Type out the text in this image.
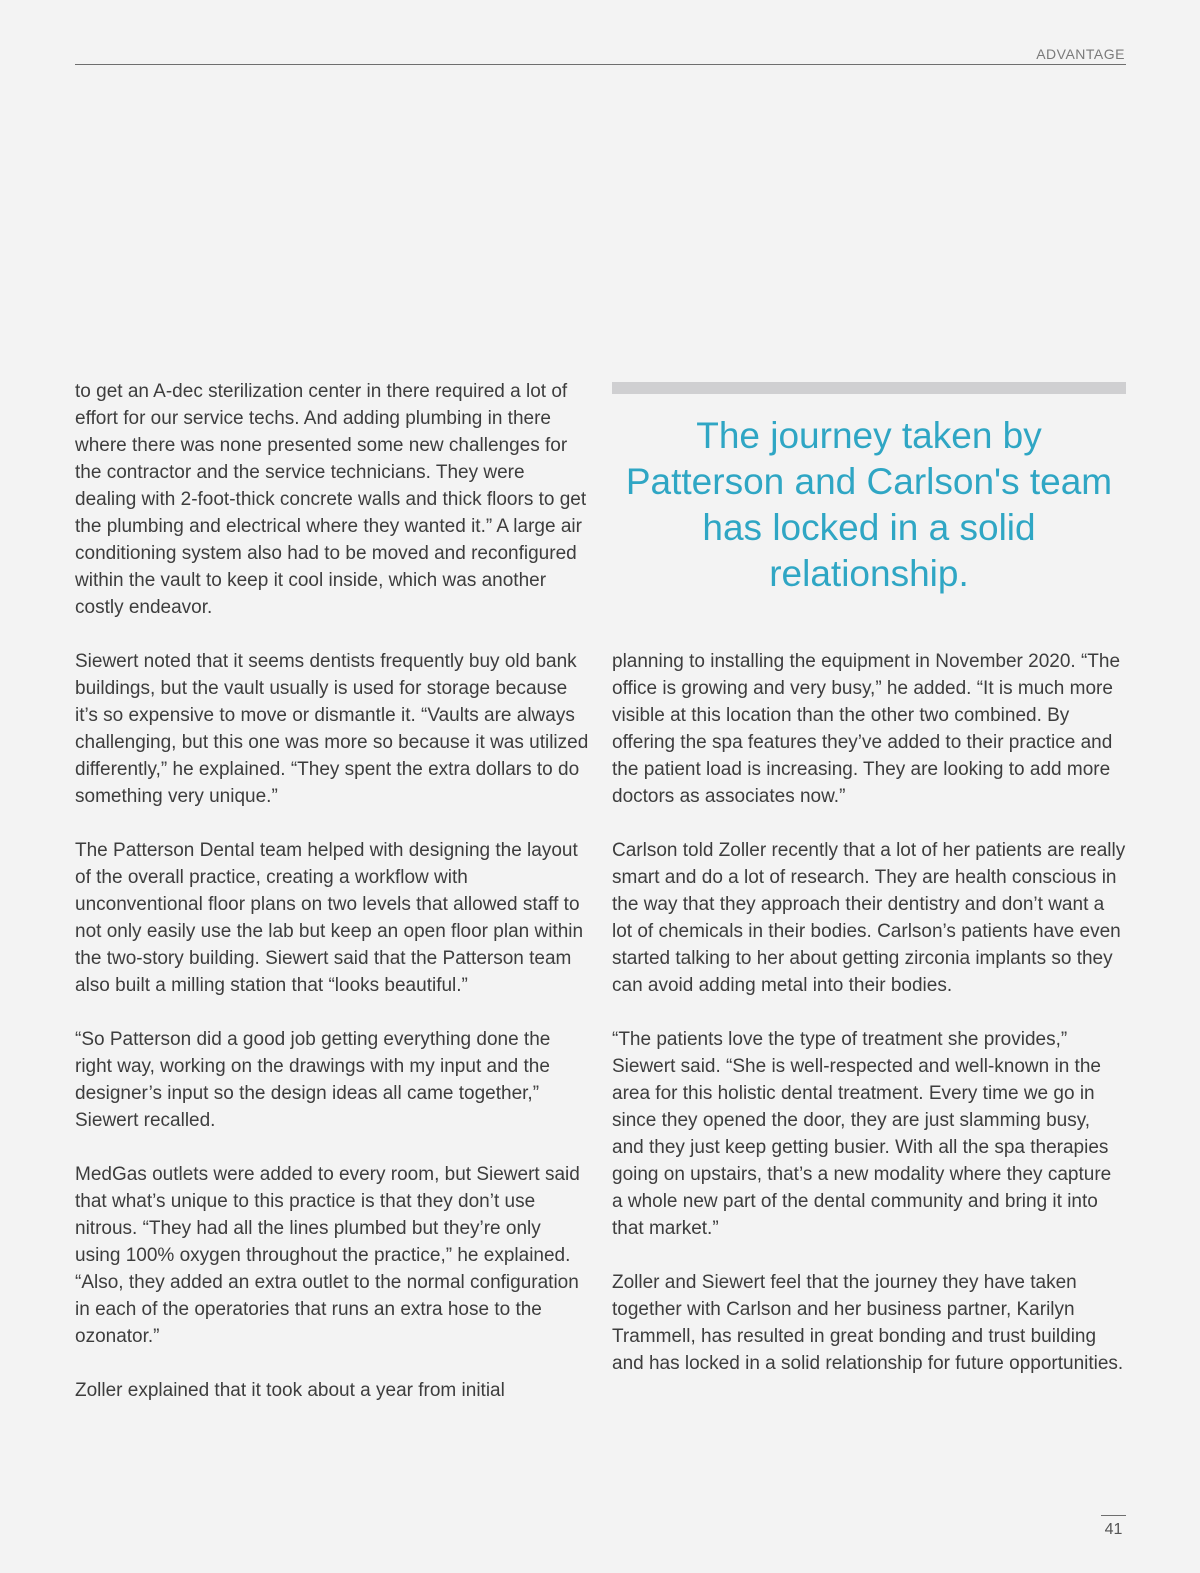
ADVANTAGE

to get an A-dec sterilization center in there required a lot of effort for our service techs. And adding plumbing in there where there was none presented some new challenges for the contractor and the service technicians. They were dealing with 2-foot-thick concrete walls and thick floors to get the plumbing and electrical where they wanted it.” A large air conditioning system also had to be moved and reconfigured within the vault to keep it cool inside, which was another costly endeavor.

Siewert noted that it seems dentists frequently buy old bank buildings, but the vault usually is used for storage because it’s so expensive to move or dismantle it. “Vaults are always challenging, but this one was more so because it was utilized differently,” he explained. “They spent the extra dollars to do something very unique.”

The Patterson Dental team helped with designing the layout of the overall practice, creating a workflow with unconventional floor plans on two levels that allowed staff to not only easily use the lab but keep an open floor plan within the two-story building. Siewert said that the Patterson team also built a milling station that “looks beautiful.”

“So Patterson did a good job getting everything done the right way, working on the drawings with my input and the designer’s input so the design ideas all came together,” Siewert recalled.

MedGas outlets were added to every room, but Siewert said that what’s unique to this practice is that they don’t use nitrous. “They had all the lines plumbed but they’re only using 100% oxygen throughout the practice,” he explained. “Also, they added an extra outlet to the normal configuration in each of the operatories that runs an extra hose to the ozonator.”

Zoller explained that it took about a year from initial

The journey taken by Patterson and Carlson's team has locked in a solid relationship.

planning to installing the equipment in November 2020. “The office is growing and very busy,” he added. “It is much more visible at this location than the other two combined. By offering the spa features they’ve added to their practice and the patient load is increasing. They are looking to add more doctors as associates now.”

Carlson told Zoller recently that a lot of her patients are really smart and do a lot of research. They are health conscious in the way that they approach their dentistry and don’t want a lot of chemicals in their bodies. Carlson’s patients have even started talking to her about getting zirconia implants so they can avoid adding metal into their bodies.

“The patients love the type of treatment she provides,” Siewert said. “She is well-respected and well-known in the area for this holistic dental treatment. Every time we go in since they opened the door, they are just slamming busy, and they just keep getting busier. With all the spa therapies going on upstairs, that’s a new modality where they capture a whole new part of the dental community and bring it into that market.”

Zoller and Siewert feel that the journey they have taken together with Carlson and her business partner, Karilyn Trammell, has resulted in great bonding and trust building and has locked in a solid relationship for future opportunities.

41
